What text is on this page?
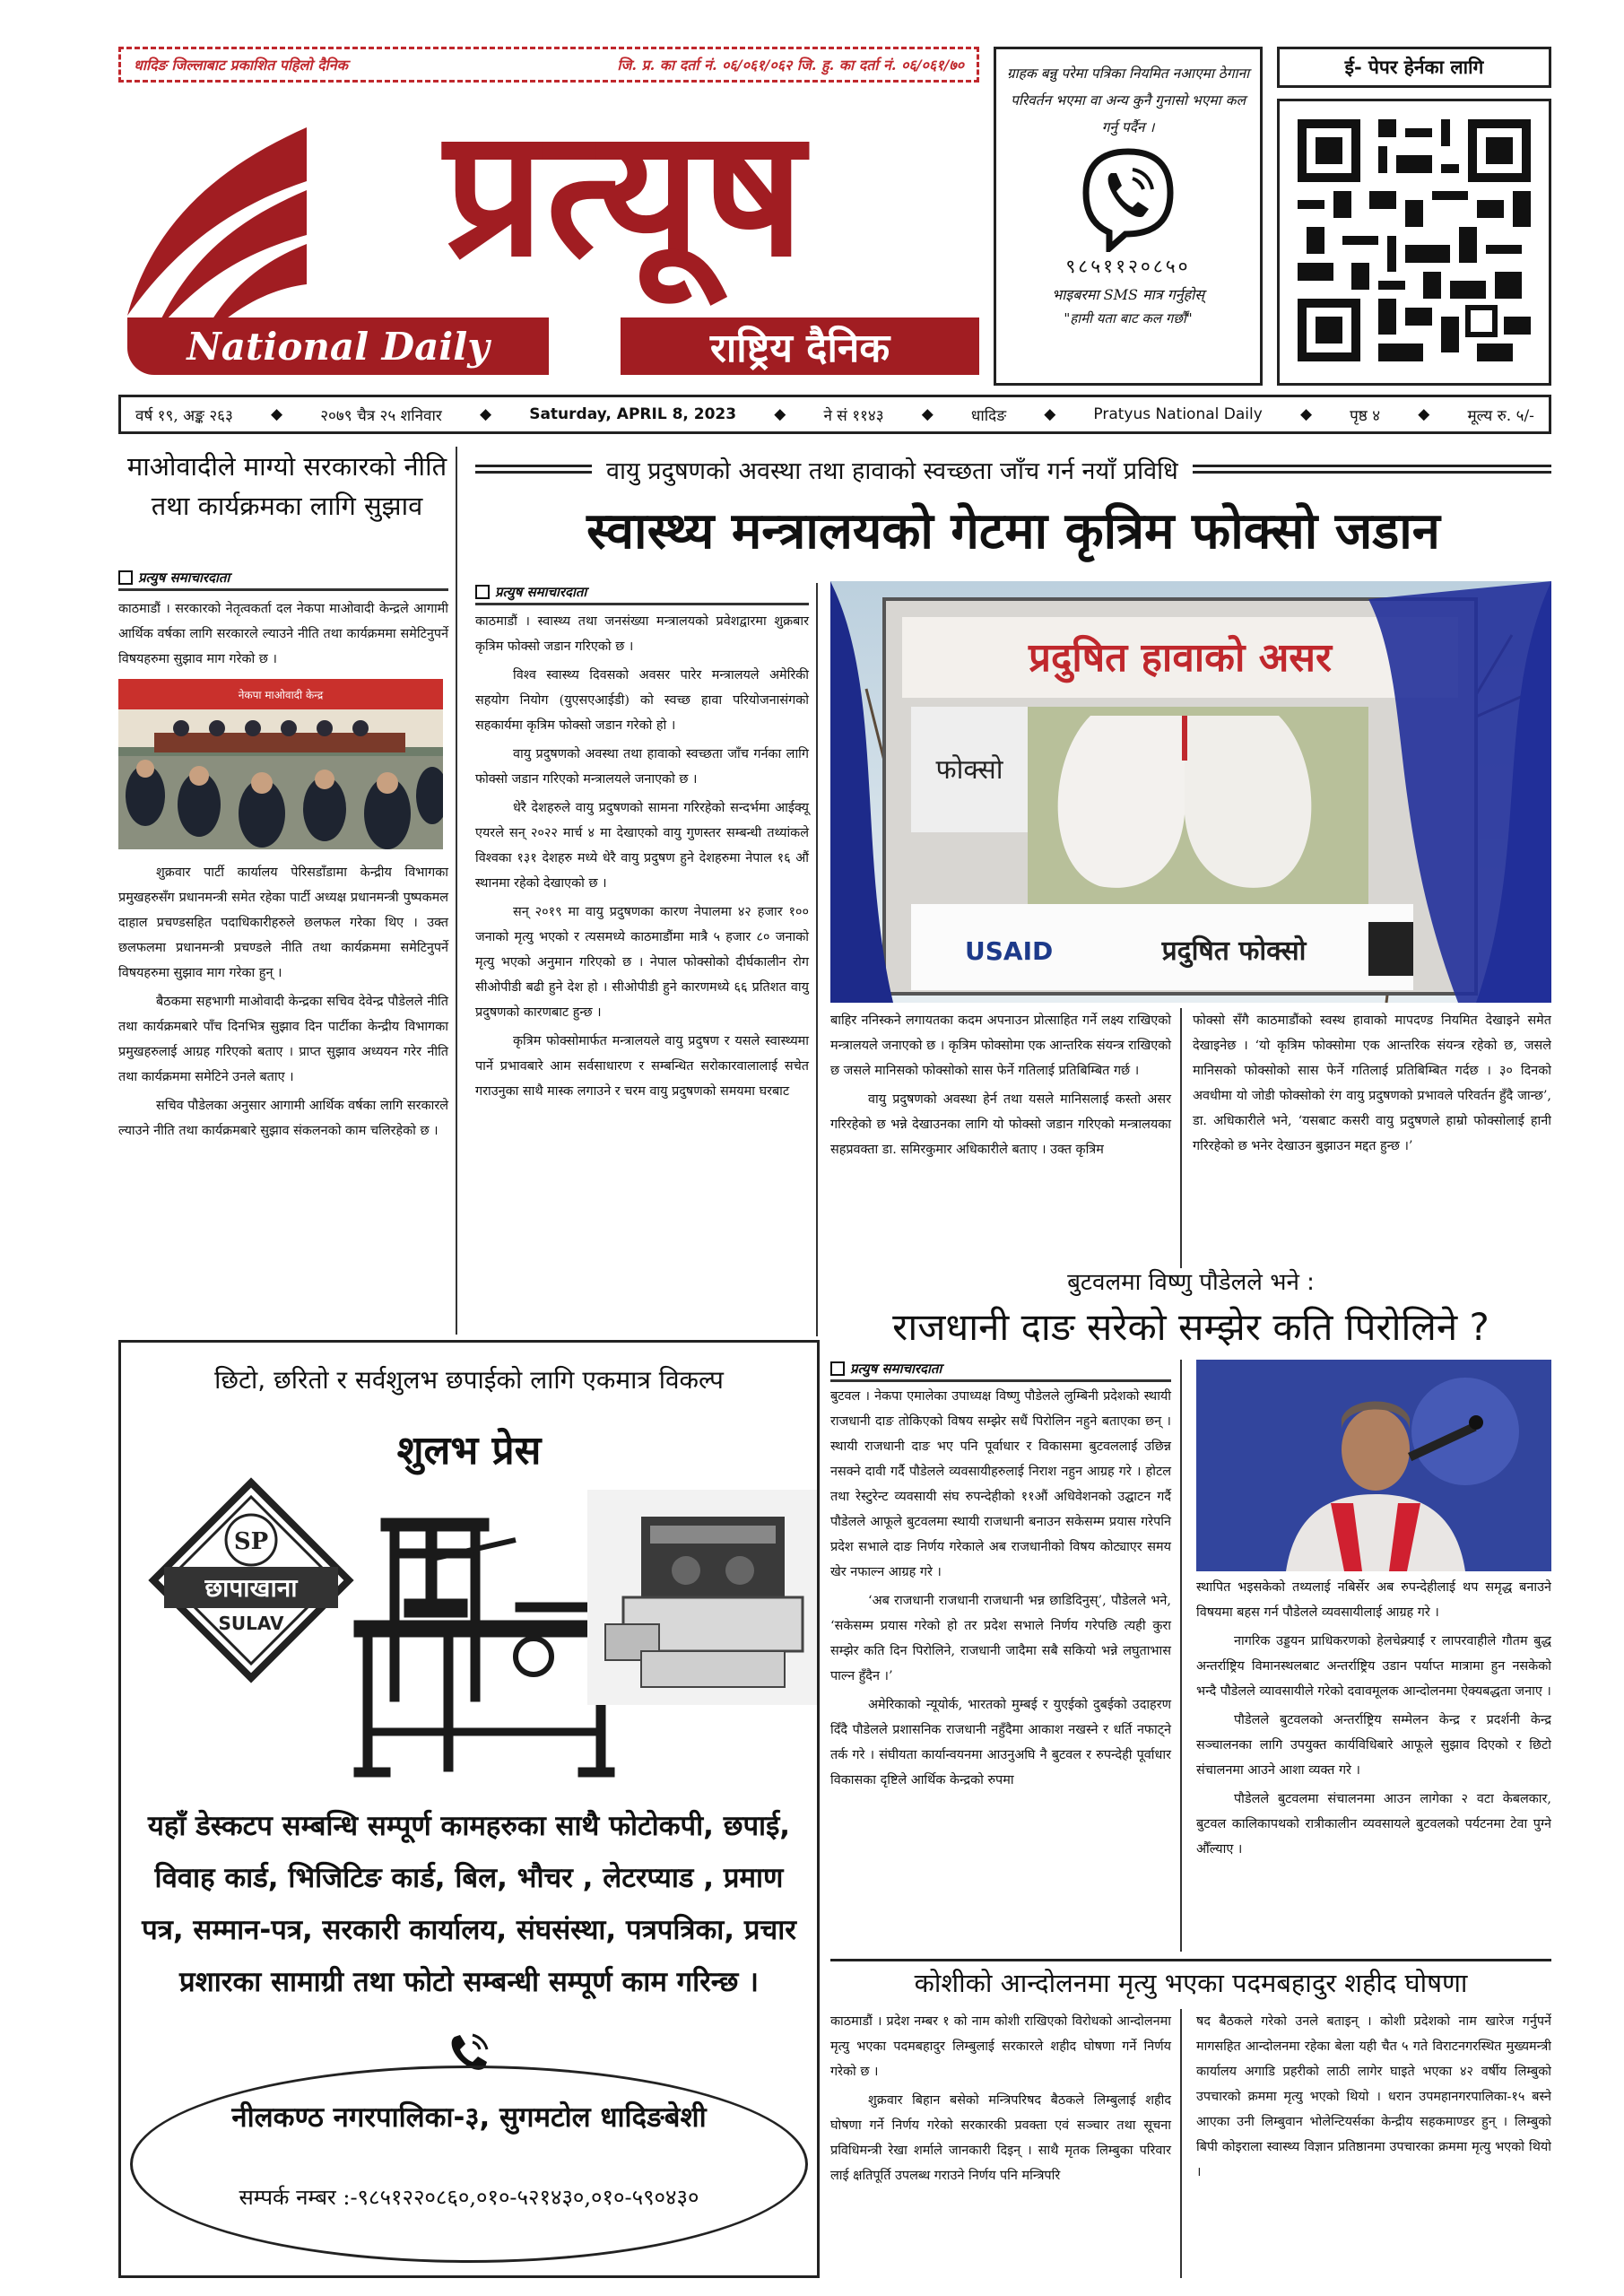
धादिङ जिल्लाबाट प्रकाशित पहिलो दैनिक	जि. प्र. का दर्ता नं. ०६/०६१/०६२ जि. हु. का दर्ता नं. ०६/०६१/७०
प्रत्यूष
National Daily	राष्ट्रिय दैनिक
ग्राहक बन्नु परेमा पत्रिका नियमित नआएमा ठेगाना परिवर्तन भएमा वा अन्य कुनै गुनासो भएमा कल गर्नु पर्दैन ।
९८५११२०८५०
भाइबरमा SMS मात्र गर्नुहोस्
"हामी यता बाट कल गर्छौं"
ई- पेपर हेर्नका लागि
वर्ष १९, अङ्क २६३ ◆ २०७९ चैत्र २५ शनिवार ◆ Saturday, APRIL 8, 2023 ◆ ने सं ११४३ ◆ धादिङ ◆ Pratyus National Daily ◆ पृष्ठ ४ ◆ मूल्य रु. ५/-
माओवादीले माग्यो सरकारको नीति तथा कार्यक्रमका लागि सुझाव
प्रत्युष समाचारदाता

काठमाडौं । सरकारको नेतृत्वकर्ता दल नेकपा माओवादी केन्द्रले आगामी आर्थिक वर्षका लागि सरकारले ल्याउने नीति तथा कार्यक्रममा समेटिनुपर्ने विषयहरुमा सुझाव माग गरेको छ ।

नेकपा माओवादी केन्द्र

शुक्रवार पार्टी कार्यालय पेरिसडाँडामा केन्द्रीय विभागका प्रमुखहरुसँग प्रधानमन्त्री समेत रहेका पार्टी अध्यक्ष प्रधानमन्त्री पुष्पकमल दाहाल प्रचण्डसहित पदाधिकारीहरुले छलफल गरेका थिए । उक्त छलफलमा प्रधानमन्त्री प्रचण्डले नीति तथा कार्यक्रममा समेटिनुपर्ने विषयहरुमा सुझाव माग गरेका हुन् ।

बैठकमा सहभागी माओवादी केन्द्रका सचिव देवेन्द्र पौडेलले नीति तथा कार्यक्रमबारे पाँच दिनभित्र सुझाव दिन पार्टीका केन्द्रीय विभागका प्रमुखहरुलाई आग्रह गरिएको बताए । प्राप्त सुझाव अध्ययन गरेर नीति तथा कार्यक्रममा समेटिने उनले बताए ।

सचिव पौडेलका अनुसार आगामी आर्थिक वर्षका लागि सरकारले ल्याउने नीति तथा कार्यक्रमबारे सुझाव संकलनको काम चलिरहेको छ ।

वायु प्रदुषणको अवस्था तथा हावाको स्वच्छता जाँच गर्न नयाँ प्रविधि
स्वास्थ्य मन्त्रालयको गेटमा कृत्रिम फोक्सो जडान
प्रत्युष समाचारदाता

काठमाडौं । स्वास्थ्य तथा जनसंख्या मन्त्रालयको प्रवेशद्वारमा शुक्रबार कृत्रिम फोक्सो जडान गरिएको छ ।

विश्व स्वास्थ्य दिवसको अवसर पारेर मन्त्रालयले अमेरिकी सहयोग नियोग (युएसएआईडी) को स्वच्छ हावा परियोजनासंगको सहकार्यमा कृत्रिम फोक्सो जडान गरेको हो ।

वायु प्रदुषणको अवस्था तथा हावाको स्वच्छता जाँच गर्नका लागि फोक्सो जडान गरिएको मन्त्रालयले जनाएको छ ।

धेरै देशहरुले वायु प्रदुषणको सामना गरिरहेको सन्दर्भमा आईक्यू एयरले सन् २०२२ मार्च ४ मा देखाएको वायु गुणस्तर सम्बन्धी तथ्यांकले विश्वका १३१ देशहरु मध्ये धेरै वायु प्रदुषण हुने देशहरुमा नेपाल १६ औं स्थानमा रहेको देखाएको छ ।

सन् २०१९ मा वायु प्रदुषणका कारण नेपालमा ४२ हजार १०० जनाको मृत्यु भएको र त्यसमध्ये काठमाडौंमा मात्रै ५ हजार ८० जनाको मृत्यु भएको अनुमान गरिएको छ । नेपाल फोक्सोको दीर्घकालीन रोग सीओपीडी बढी हुने देश हो । सीओपीडी हुने कारणमध्ये ६६ प्रतिशत वायु प्रदुषणको कारणबाट हुन्छ ।

कृत्रिम फोक्सोमार्फत मन्त्रालयले वायु प्रदुषण र यसले स्वास्थ्यमा पार्ने प्रभावबारे आम सर्वसाधारण र सम्बन्धित सरोकारवालालाई सचेत गराउनुका साथै मास्क लगाउने र चरम वायु प्रदुषणको समयमा घरबाट

प्रदुषित हावाको असर
फोक्सो
USAID	प्रदुषित फोक्सो

बाहिर ननिस्कने लगायतका कदम अपनाउन प्रोत्साहित गर्ने लक्ष्य राखिएको मन्त्रालयले जनाएको छ । कृत्रिम फोक्सोमा एक आन्तरिक संयन्त्र राखिएको छ जसले मानिसको फोक्सोको सास फेर्ने गतिलाई प्रतिबिम्बित गर्छ ।

वायु प्रदुषणको अवस्था हेर्न तथा यसले मानिसलाई कस्तो असर गरिरहेको छ भन्ने देखाउनका लागि यो फोक्सो जडान गरिएको मन्त्रालयका सहप्रवक्ता डा. समिरकुमार अधिकारीले बताए । उक्त कृत्रिम

फोक्सो सँगै काठमाडौंको स्वस्थ हावाको मापदण्ड नियमित देखाइने समेत देखाइनेछ । ‘यो कृत्रिम फोक्सोमा एक आन्तरिक संयन्त्र रहेको छ, जसले मानिसको फोक्सोको सास फेर्ने गतिलाई प्रतिबिम्बित गर्दछ । ३० दिनको अवधीमा यो जोडी फोक्सोको रंग वायु प्रदुषणको प्रभावले परिवर्तन हुँदै जान्छ’, डा. अधिकारीले भने, ‘यसबाट कसरी वायु प्रदुषणले हाम्रो फोक्सोलाई हानी गरिरहेको छ भनेर देखाउन बुझाउन मद्दत हुन्छ ।’

बुटवलमा विष्णु पौडेलले भने :
राजधानी दाङ सरेको सम्झेर कति पिरोलिने ?
प्रत्युष समाचारदाता

बुटवल । नेकपा एमालेका उपाध्यक्ष विष्णु पौडेलले लुम्बिनी प्रदेशको स्थायी राजधानी दाङ तोकिएको विषय सम्झेर सधैं पिरोलिन नहुने बताएका छन् । स्थायी राजधानी दाङ भए पनि पूर्वाधार र विकासमा बुटवललाई उछिन्न नसक्ने दावी गर्दै पौडेलले व्यवसायीहरुलाई निराश नहुन आग्रह गरे । होटल तथा रेस्टुरेन्ट व्यवसायी संघ रुपन्देहीको ११औं अधिवेशनको उद्घाटन गर्दै पौडेलले आफूले बुटवलमा स्थायी राजधानी बनाउन सकेसम्म प्रयास गरेपनि प्रदेश सभाले दाङ निर्णय गरेकाले अब राजधानीको विषय कोट्याएर समय खेर नफाल्न आग्रह गरे ।

‘अब राजधानी राजधानी राजधानी भन्न छाडिदिनुस्’, पौडेलले भने, ‘सकेसम्म प्रयास गरेको हो तर प्रदेश सभाले निर्णय गरेपछि त्यही कुरा सम्झेर कति दिन पिरोलिने, राजधानी जादैमा सबै सकियो भन्ने लघुताभास पाल्न हुँदैन ।’

अमेरिकाको न्यूयोर्क, भारतको मुम्बई र युएईको दुबईको उदाहरण दिँदै पौडेलले प्रशासनिक राजधानी नहुँदैमा आकाश नखस्ने र धर्ति नफाट्ने तर्क गरे । संघीयता कार्यान्वयनमा आउनुअघि नै बुटवल र रुपन्देही पूर्वाधार विकासका दृष्टिले आर्थिक केन्द्रको रुपमा

स्थापित भइसकेको तथ्यलाई नबिर्सेर अब रुपन्देहीलाई थप समृद्ध बनाउने विषयमा बहस गर्न पौडेलले व्यवसायीलाई आग्रह गरे ।

नागरिक उड्डयन प्राधिकरणको हेलचेक्र्याईं र लापरवाहीले गौतम बुद्ध अन्तर्राष्ट्रिय विमानस्थलबाट अन्तर्राष्ट्रिय उडान पर्याप्त मात्रामा हुन नसकेको भन्दै पौडेलले व्यावसायीले गरेको दवावमूलक आन्दोलनमा ऐक्यबद्धता जनाए ।

पौडेलले बुटवलको अन्तर्राष्ट्रिय सम्मेलन केन्द्र र प्रदर्शनी केन्द्र सञ्चालनका लागि उपयुक्त कार्यविधिबारे आफूले सुझाव दिएको र छिटो संचालनमा आउने आशा व्यक्त गरे ।

पौडेलले बुटवलमा संचालनमा आउन लागेका २ वटा केबलकार, बुटवल कालिकापथको रात्रीकालीन व्यवसायले बुटवलको पर्यटनमा टेवा पुग्ने औँल्याए ।

कोशीको आन्दोलनमा मृत्यु भएका पदमबहादुर शहीद घोषणा

काठमाडौं । प्रदेश नम्बर १ को नाम कोशी राखिएको विरोधको आन्दोलनमा मृत्यु भएका पदमबहादुर लिम्बुलाई सरकारले शहीद घोषणा गर्ने निर्णय गरेको छ ।

शुक्रवार बिहान बसेको मन्त्रिपरिषद बैठकले लिम्बुलाई शहीद घोषणा गर्ने निर्णय गरेको सरकारकी प्रवक्ता एवं सञ्चार तथा सूचना प्रविधिमन्त्री रेखा शर्माले जानकारी दिइन् । साथै मृतक लिम्बुका परिवार लाई क्षतिपूर्ति उपलब्ध गराउने निर्णय पनि मन्त्रिपरि

षद बैठकले गरेको उनले बताइन् । कोशी प्रदेशको नाम खारेज गर्नुपर्ने मागसहित आन्दोलनमा रहेका बेला यही चैत ५ गते विराटनगरस्थित मुख्यमन्त्री कार्यालय अगाडि प्रहरीको लाठी लागेर घाइते भएका ४२ वर्षीय लिम्बुको उपचारको क्रममा मृत्यु भएको थियो । धरान उपमहानगरपालिका-१५ बस्ने आएका उनी लिम्बुवान भोलेन्टियर्सका केन्द्रीय सहकमाण्डर हुन् । लिम्बुको बिपी कोइराला स्वास्थ्य विज्ञान प्रतिष्ठानमा उपचारका क्रममा मृत्यु भएको थियो ।

छिटो, छरितो र सर्वशुलभ छपाईको लागि एकमात्र विकल्प
शुलभ प्रेस
SP
छापाखाना
SULAV
यहाँ डेस्कटप सम्बन्धि सम्पूर्ण कामहरुका साथै फोटोकपी, छपाई, विवाह कार्ड, भिजिटिङ कार्ड, बिल, भौचर , लेटरप्याड , प्रमाण पत्र, सम्मान-पत्र, सरकारी कार्यालय, संघसंस्था, पत्रपत्रिका, प्रचार प्रशारका सामाग्री तथा फोटो सम्बन्धी सम्पूर्ण काम गरिन्छ ।
नीलकण्ठ नगरपालिका-३, सुगमटोल धादिङबेशी
सम्पर्क नम्बर :-९८५१२२०८६०,०१०-५२१४३०,०१०-५९०४३०
